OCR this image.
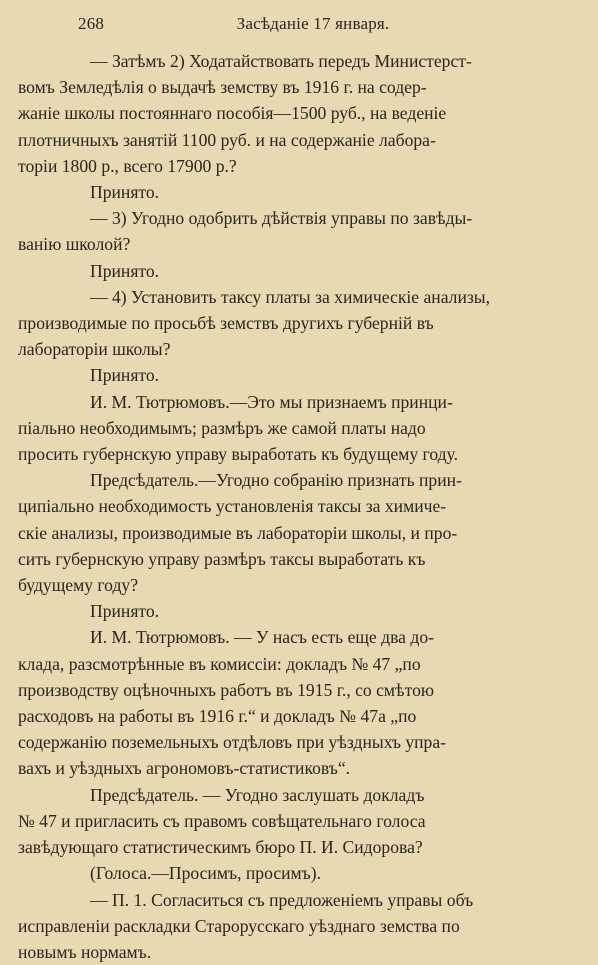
268	Засѣданіе 17 января.
— Затѣмъ 2) Ходатайствовать передъ Министерст-
вомъ Земледѣлія о выдачѣ земству въ 1916 г. на содер-
жаніе школы постояннаго пособія—1500 руб., на веденіе
плотничныхъ занятій 1100 руб. и на содержаніе лабора-
торіи 1800 р., всего 17900 р.?
Принято.
— 3) Угодно одобрить дѣйствія управы по завѣды-
ванію школой?
Принято.
— 4) Установить таксу платы за химическіе анализы,
производимые по просьбѣ земствъ другихъ губерній въ
лабораторіи школы?
Принято.
И. М. Тютрюмовъ.—Это мы признаемъ принци-
піально необходимымъ; размѣръ же самой платы надо
просить губернскую управу выработать къ будущему году.
Предсѣдатель.—Угодно собранію признать прин-
ципіально необходимость установленія таксы за химиче-
скіе анализы, производимые въ лабораторіи школы, и про-
сить губернскую управу размѣръ таксы выработать къ
будущему году?
Принято.
И. М. Тютрюмовъ. — У насъ есть еще два до-
клада, разсмотрѣнные въ комиссіи: докладъ № 47 „по
производству оцѣночныхъ работъ въ 1915 г., со смѣтою
расходовъ на работы въ 1916 г.“ и докладъ № 47а „по
содержанію поземельныхъ отдѣловъ при уѣздныхъ упра-
вахъ и уѣздныхъ агрономовъ-статистиковъ“.
Предсѣдатель. — Угодно заслушать докладъ
№ 47 и пригласить съ правомъ совѣщательнаго голоса
завѣдующаго статистическимъ бюро П. И. Сидорова?
(Голоса.—Просимъ, просимъ).
— П. 1. Согласиться съ предложеніемъ управы объ
исправленіи раскладки Старорусскаго уѣзднаго земства по
новымъ нормамъ.
